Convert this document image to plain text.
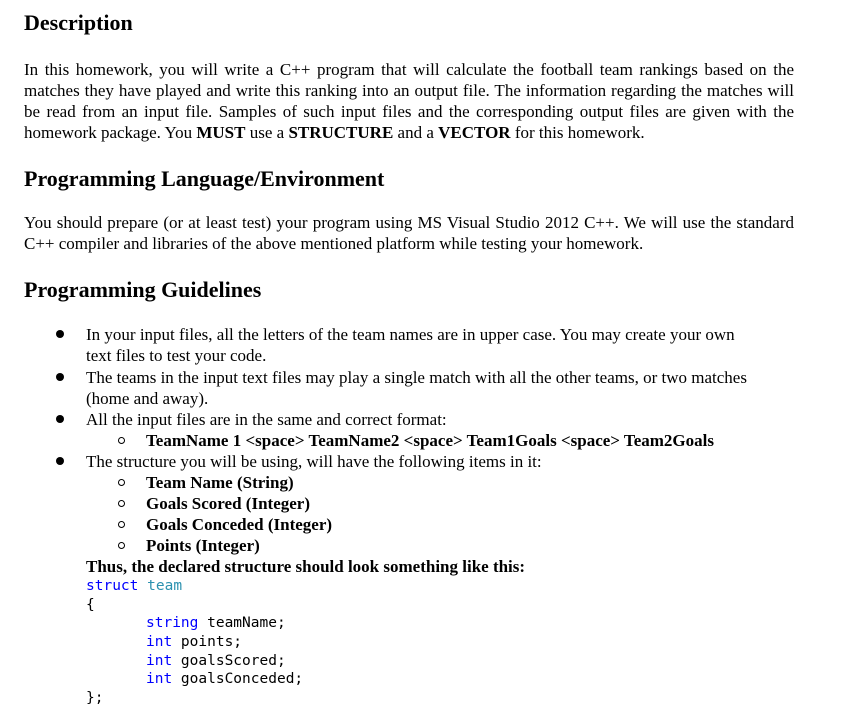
Description

In this homework, you will write a C++ program that will calculate the football team rankings based on the matches they have played and write this ranking into an output file. The information regarding the matches will be read from an input file. Samples of such input files and the corresponding output files are given with the homework package. You MUST use a STRUCTURE and a VECTOR for this homework.

Programming Language/Environment

You should prepare (or at least test) your program using MS Visual Studio 2012 C++. We will use the standard C++ compiler and libraries of the above mentioned platform while testing your homework.

Programming Guidelines
In your input files, all the letters of the team names are in upper case. You may create your own
text files to test your code.
The teams in the input text files may play a single match with all the other teams, or two matches
(home and away).
All the input files are in the same and correct format:
TeamName 1 <space> TeamName2 <space> Team1Goals <space> Team2Goals
The structure you will be using, will have the following items in it:
Team Name (String)
Goals Scored (Integer)
Goals Conceded (Integer)
Points (Integer)
Thus, the declared structure should look something like this:
struct team
{
string teamName;
int points;
int goalsScored;
int goalsConceded;
};
